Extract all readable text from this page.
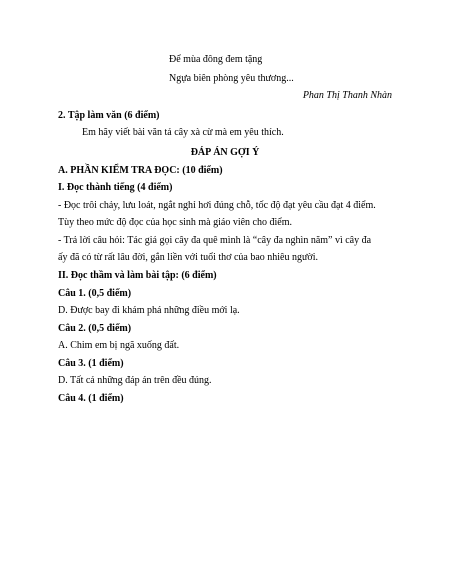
Để mùa đông đem tặng
Ngựa biên phòng yêu thương...
Phan Thị Thanh Nhàn
2. Tập làm văn (6 điểm)
Em hãy viết bài văn tả cây xà cừ mà em yêu thích.
ĐÁP ÁN GỢI Ý
A. PHẦN KIỂM TRA ĐỌC: (10 điểm)
I. Đọc thành tiếng (4 điểm)
- Đọc trôi chảy, lưu loát, ngắt nghỉ hơi đúng chỗ, tốc độ đạt yêu cầu đạt 4 điểm.
Tùy theo mức độ đọc của học sinh mà giáo viên cho điểm.
- Trả lời câu hỏi: Tác giả gọi cây đa quê mình là “cây đa nghìn năm” vì cây đa
ấy đã có từ rất lâu đời, gắn liền với tuổi thơ của bao nhiêu người.
II. Đọc thầm và làm bài tập: (6 điểm)
Câu 1. (0,5 điểm)
D. Được bay đi khám phá những điều mới lạ.
Câu 2. (0,5 điểm)
A. Chim em bị ngã xuống đất.
Câu 3. (1 điểm)
D. Tất cả những đáp án trên đều đúng.
Câu 4. (1 điểm)
